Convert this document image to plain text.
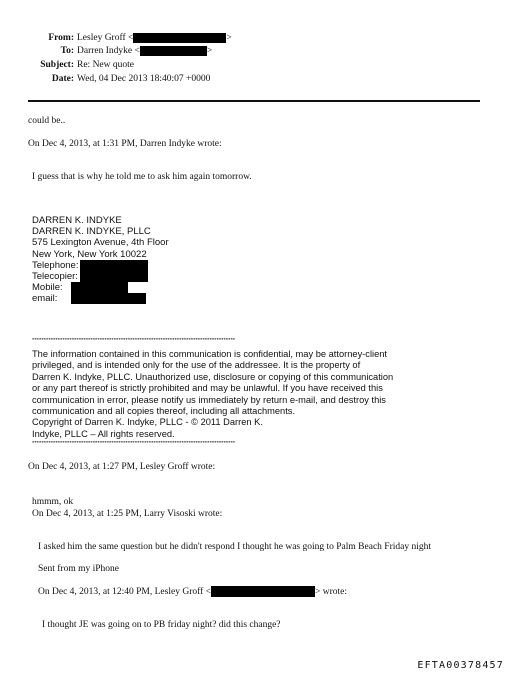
From: Lesley Groff <	>
To: Darren Indyke <	>
Subject: Re: New quote
Date: Wed, 04 Dec 2013 18:40:07 +0000
could be..
On Dec 4, 2013, at 1:31 PM, Darren Indyke wrote:
I guess that is why he told me to ask him again tomorrow.
DARREN K. INDYKE
DARREN K. INDYKE, PLLC
575 Lexington Avenue, 4th Floor
New York, New York 10022
Telephone:
Telecopier:
Mobile:
email:
***************************************************************************************
The information contained in this communication is confidential, may be attorney-client
privileged, and is intended only for the use of the addressee. It is the property of
Darren K. Indyke, PLLC. Unauthorized use, disclosure or copying of this communication
or any part thereof is strictly prohibited and may be unlawful. If you have received this
communication in error, please notify us immediately by return e-mail, and destroy this
communication and all copies thereof, including all attachments.
Copyright of Darren K. Indyke, PLLC - © 2011 Darren K.
Indyke, PLLC – All rights reserved.
***************************************************************************************
On Dec 4, 2013, at 1:27 PM, Lesley Groff wrote:
hmmm, ok
On Dec 4, 2013, at 1:25 PM, Larry Visoski wrote:
I asked him the same question but he didn't respond I thought he was going to Palm Beach Friday night
Sent from my iPhone
On Dec 4, 2013, at 12:40 PM, Lesley Groff <	> wrote:
I thought JE was going on to PB friday night? did this change?
EFTA00378457
